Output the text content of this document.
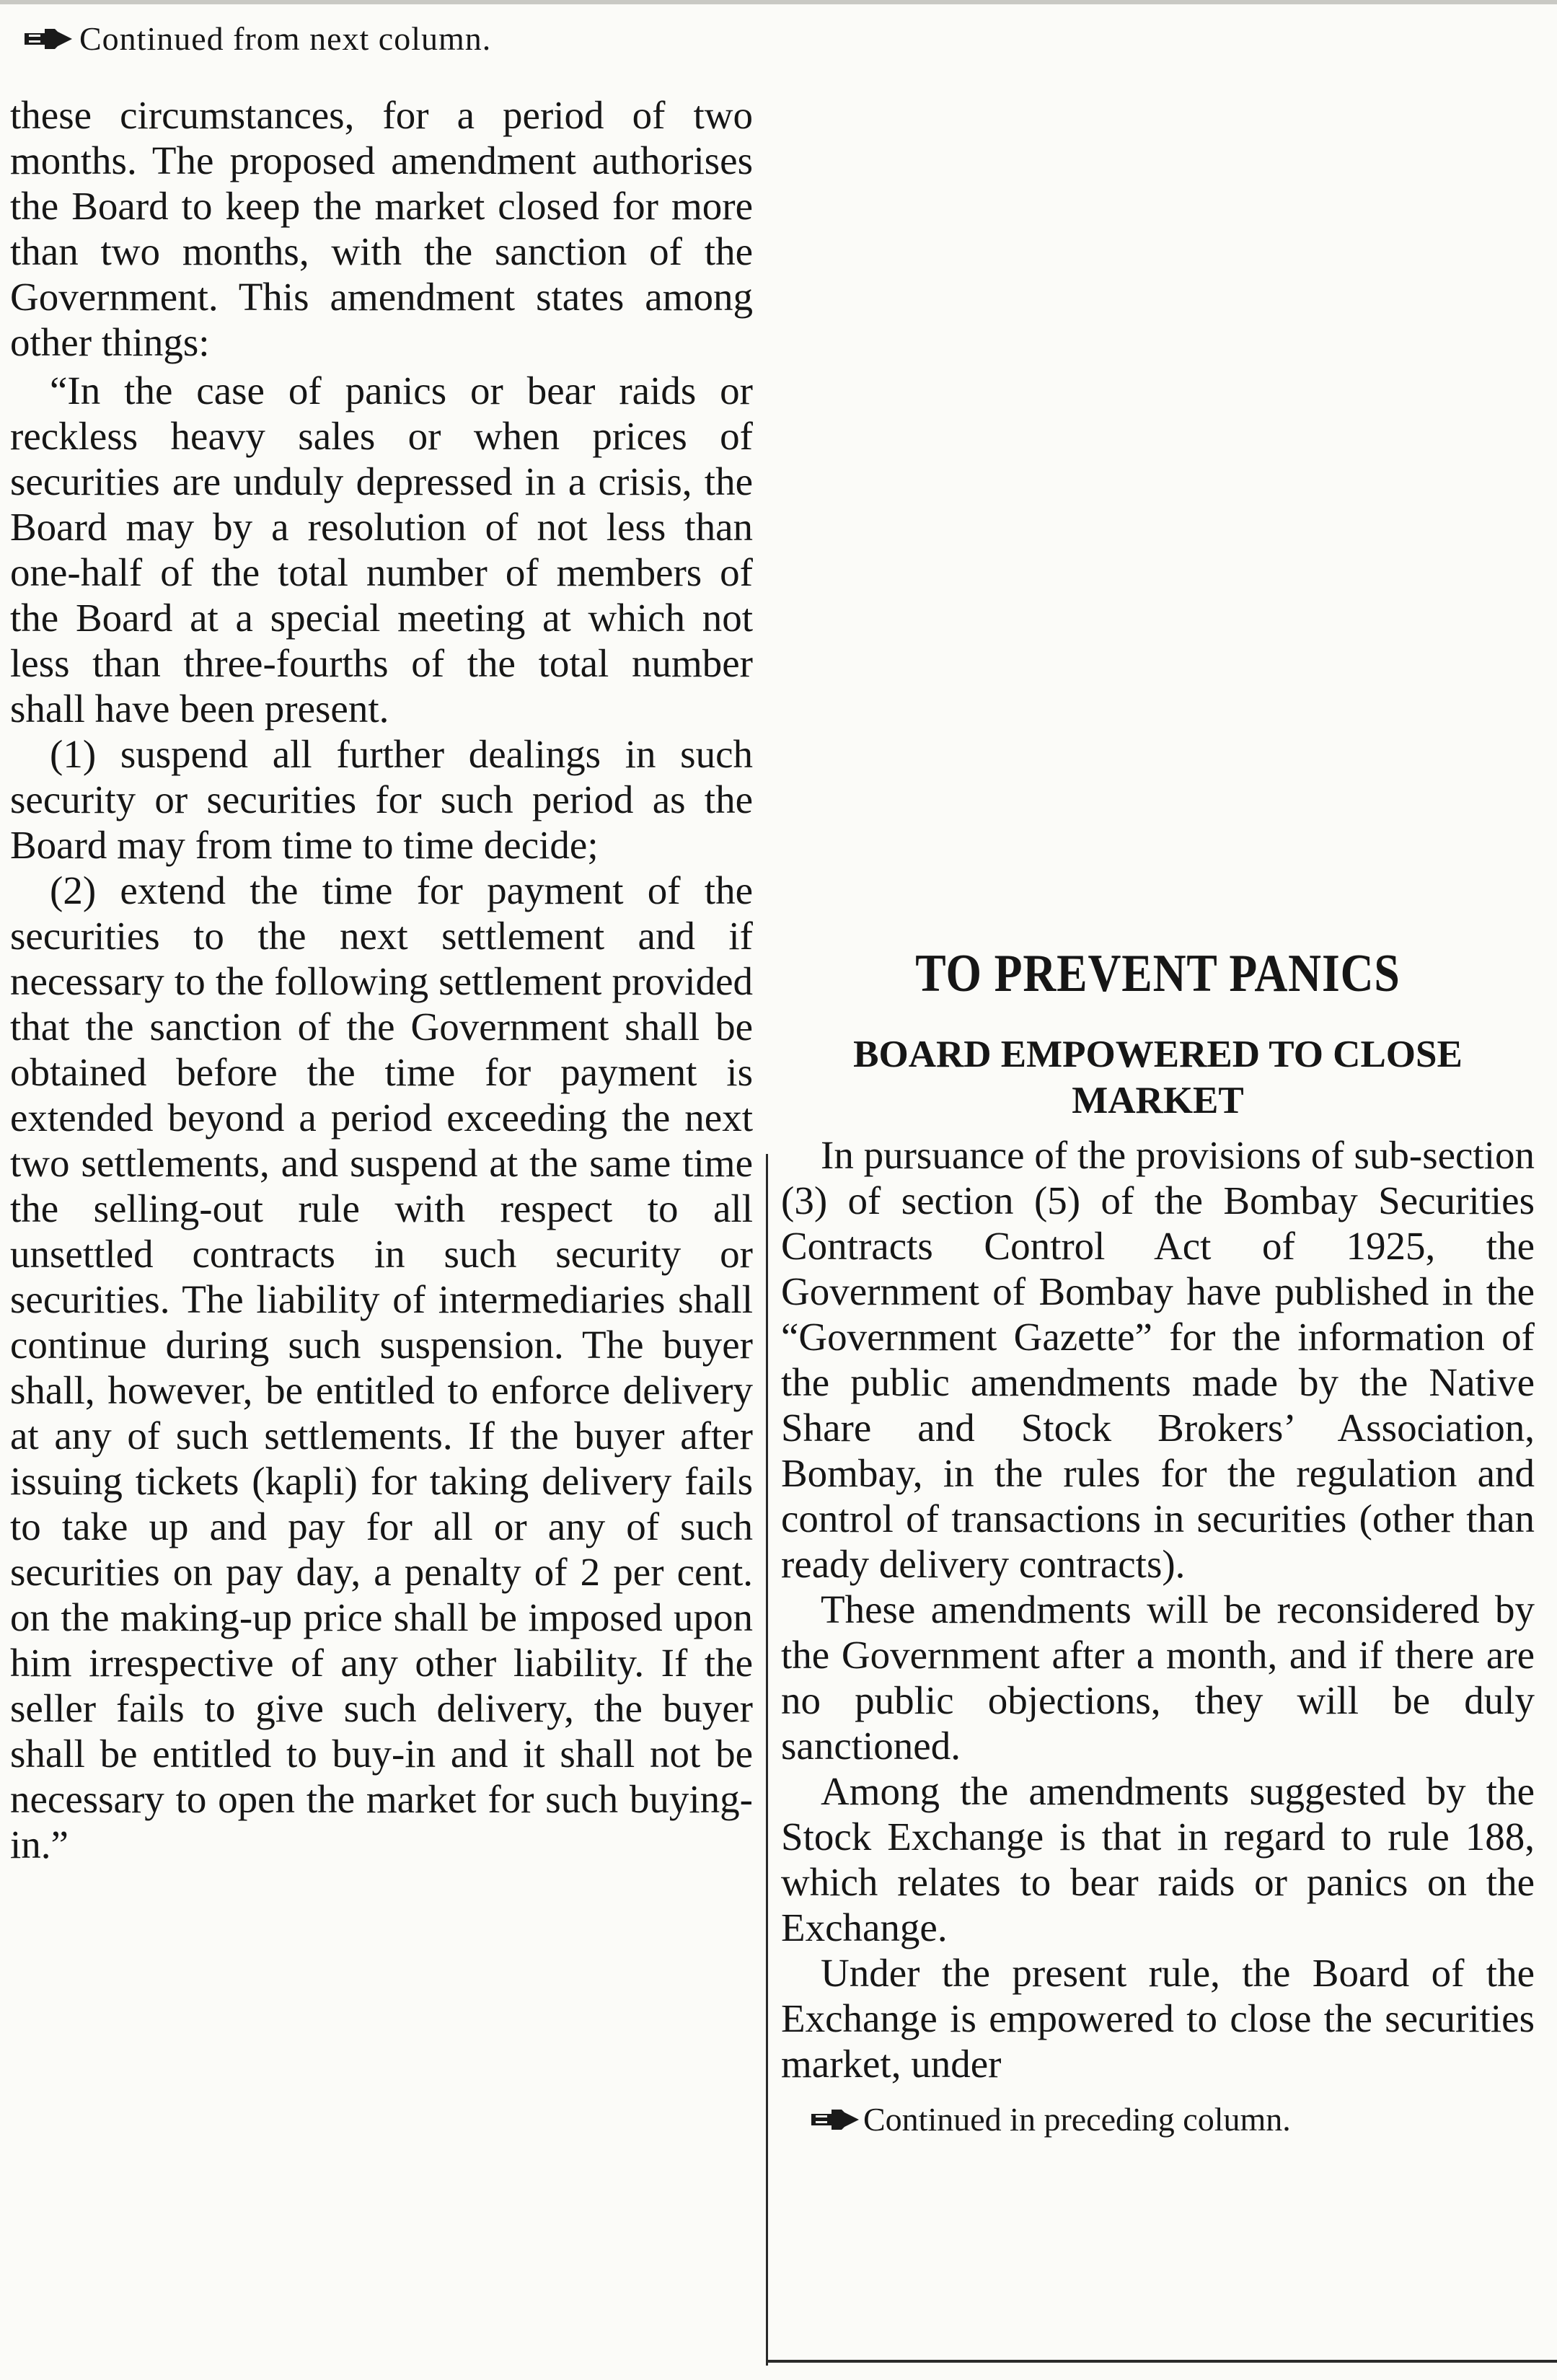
Continued from next column.

these circumstances, for a period of two months. The proposed amendment authorises the Board to keep the market closed for more than two months, with the sanction of the Government. This amendment states among other things:

“In the case of panics or bear raids or reckless heavy sales or when prices of securities are unduly depressed in a crisis, the Board may by a resolution of not less than one-half of the total number of members of the Board at a special meeting at which not less than three-fourths of the total number shall have been present.

(1) suspend all further dealings in such security or securities for such period as the Board may from time to time decide;

(2) extend the time for payment of the securities to the next settlement and if necessary to the following settlement provided that the sanction of the Government shall be obtained before the time for payment is extended beyond a period exceeding the next two settlements, and suspend at the same time the selling-out rule with respect to all unsettled contracts in such security or securities. The liability of intermediaries shall continue during such suspension. The buyer shall, however, be entitled to enforce delivery at any of such settlements. If the buyer after issuing tickets (kapli) for taking delivery fails to take up and pay for all or any of such securities on pay day, a penalty of 2 per cent. on the making-up price shall be imposed upon him irrespective of any other liability. If the seller fails to give such delivery, the buyer shall be entitled to buy-in and it shall not be necessary to open the market for such buying-in.”

TO PREVENT PANICS
BOARD EMPOWERED TO CLOSE MARKET

In pursuance of the provisions of sub-section (3) of section (5) of the Bombay Securities Contracts Control Act of 1925, the Government of Bombay have published in the “Government Gazette” for the information of the public amendments made by the Native Share and Stock Brokers’ Association, Bombay, in the rules for the regulation and control of transactions in securities (other than ready delivery contracts).

These amendments will be reconsidered by the Government after a month, and if there are no public objections, they will be duly sanctioned.

Among the amendments suggested by the Stock Exchange is that in regard to rule 188, which relates to bear raids or panics on the Exchange.

Under the present rule, the Board of the Exchange is empowered to close the securities market, under

Continued in preceding column.
